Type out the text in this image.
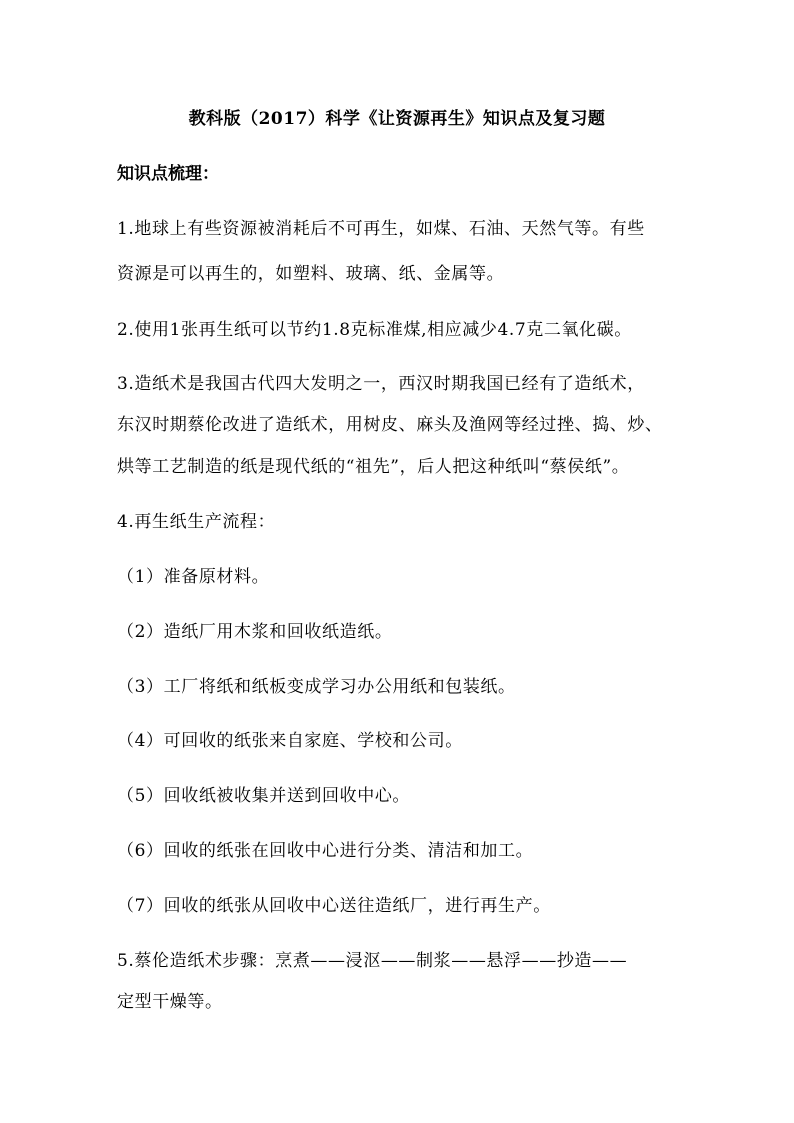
教科版（2017）科学《让资源再生》知识点及复习题
知识点梳理：
1.地球上有些资源被消耗后不可再生，如煤、石油、天然气等。有些
资源是可以再生的，如塑料、玻璃、纸、金属等。
2.使用1张再生纸可以节约1.8克标准煤,相应减少4.7克二氧化碳。
3.造纸术是我国古代四大发明之一，西汉时期我国已经有了造纸术，
东汉时期蔡伦改进了造纸术，用树皮、麻头及渔网等经过挫、捣、炒、
烘等工艺制造的纸是现代纸的“祖先”，后人把这种纸叫“蔡侯纸”。
4.再生纸生产流程：
（1）准备原材料。
（2）造纸厂用木浆和回收纸造纸。
（3）工厂将纸和纸板变成学习办公用纸和包装纸。
（4）可回收的纸张来自家庭、学校和公司。
（5）回收纸被收集并送到回收中心。
（6）回收的纸张在回收中心进行分类、清洁和加工。
（7）回收的纸张从回收中心送往造纸厂，进行再生产。
5.蔡伦造纸术步骤：烹煮——浸沤——制浆——悬浮——抄造——
定型干燥等。
